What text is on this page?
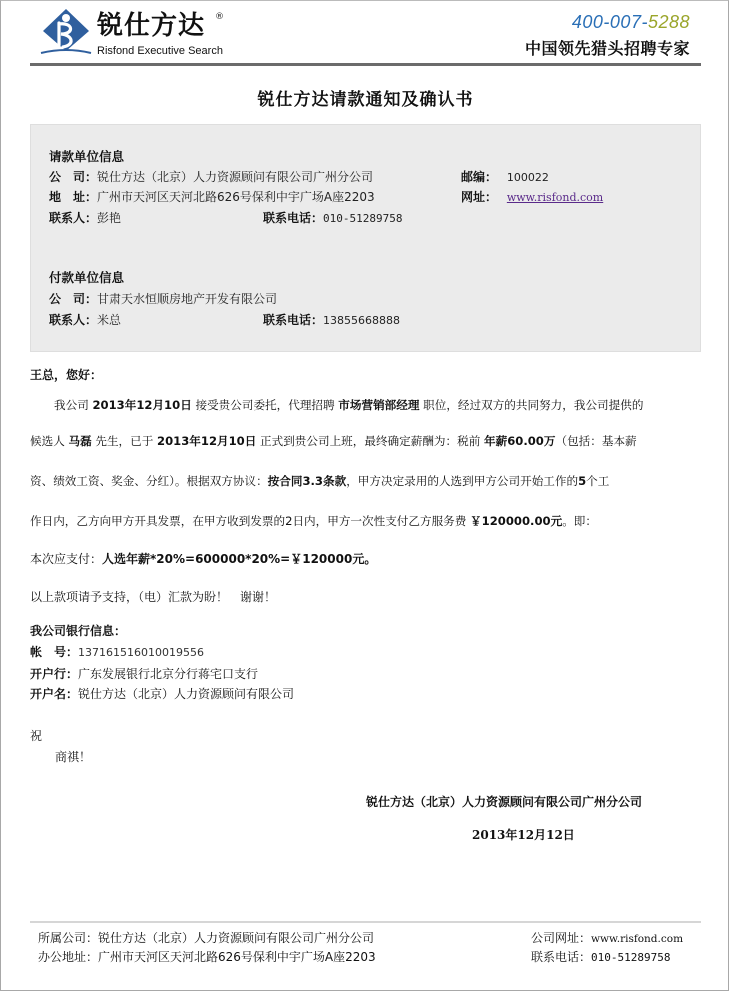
锐仕方达 ®
Risfond Executive Search
400-007-5288
中国领先猎头招聘专家
锐仕方达请款通知及确认书
请款单位信息
公　司：锐仕方达（北京）人力资源顾问有限公司广州分公司	邮编： 100022
地　址：广州市天河区天河北路626号保利中宇广场A座2203	网址： www.risfond.com
联系人：彭艳	联系电话：010-51289758
付款单位信息
公　司：甘肃天水恒顺房地产开发有限公司
联系人：米总	联系电话：13855668888
王总，您好：
我公司 2013年12月10日 接受贵公司委托，代理招聘 市场营销部经理 职位，经过双方的共同努力，我公司提供的
候选人 马磊 先生，已于 2013年12月10日 正式到贵公司上班，最终确定薪酬为：税前 年薪60.00万（包括：基本薪
资、绩效工资、奖金、分红）。根据双方协议：按合同3.3条款，甲方决定录用的人选到甲方公司开始工作的5个工
作日内，乙方向甲方开具发票，在甲方收到发票的2日内，甲方一次性支付乙方服务费 ￥120000.00元。即：
本次应支付：人选年薪*20%=600000*20%=￥120000元。
以上款项请予支持，（电）汇款为盼！　谢谢！
我公司银行信息：
帐　号：137161516010019556
开户行：广东发展银行北京分行蒋宅口支行
开户名：锐仕方达（北京）人力资源顾问有限公司
祝
商祺！
锐仕方达（北京）人力资源顾问有限公司广州分公司
2013年12月12日
所属公司：锐仕方达（北京）人力资源顾问有限公司广州分公司
办公地址：广州市天河区天河北路626号保利中宇广场A座2203
公司网址：www.risfond.com
联系电话：010-51289758
